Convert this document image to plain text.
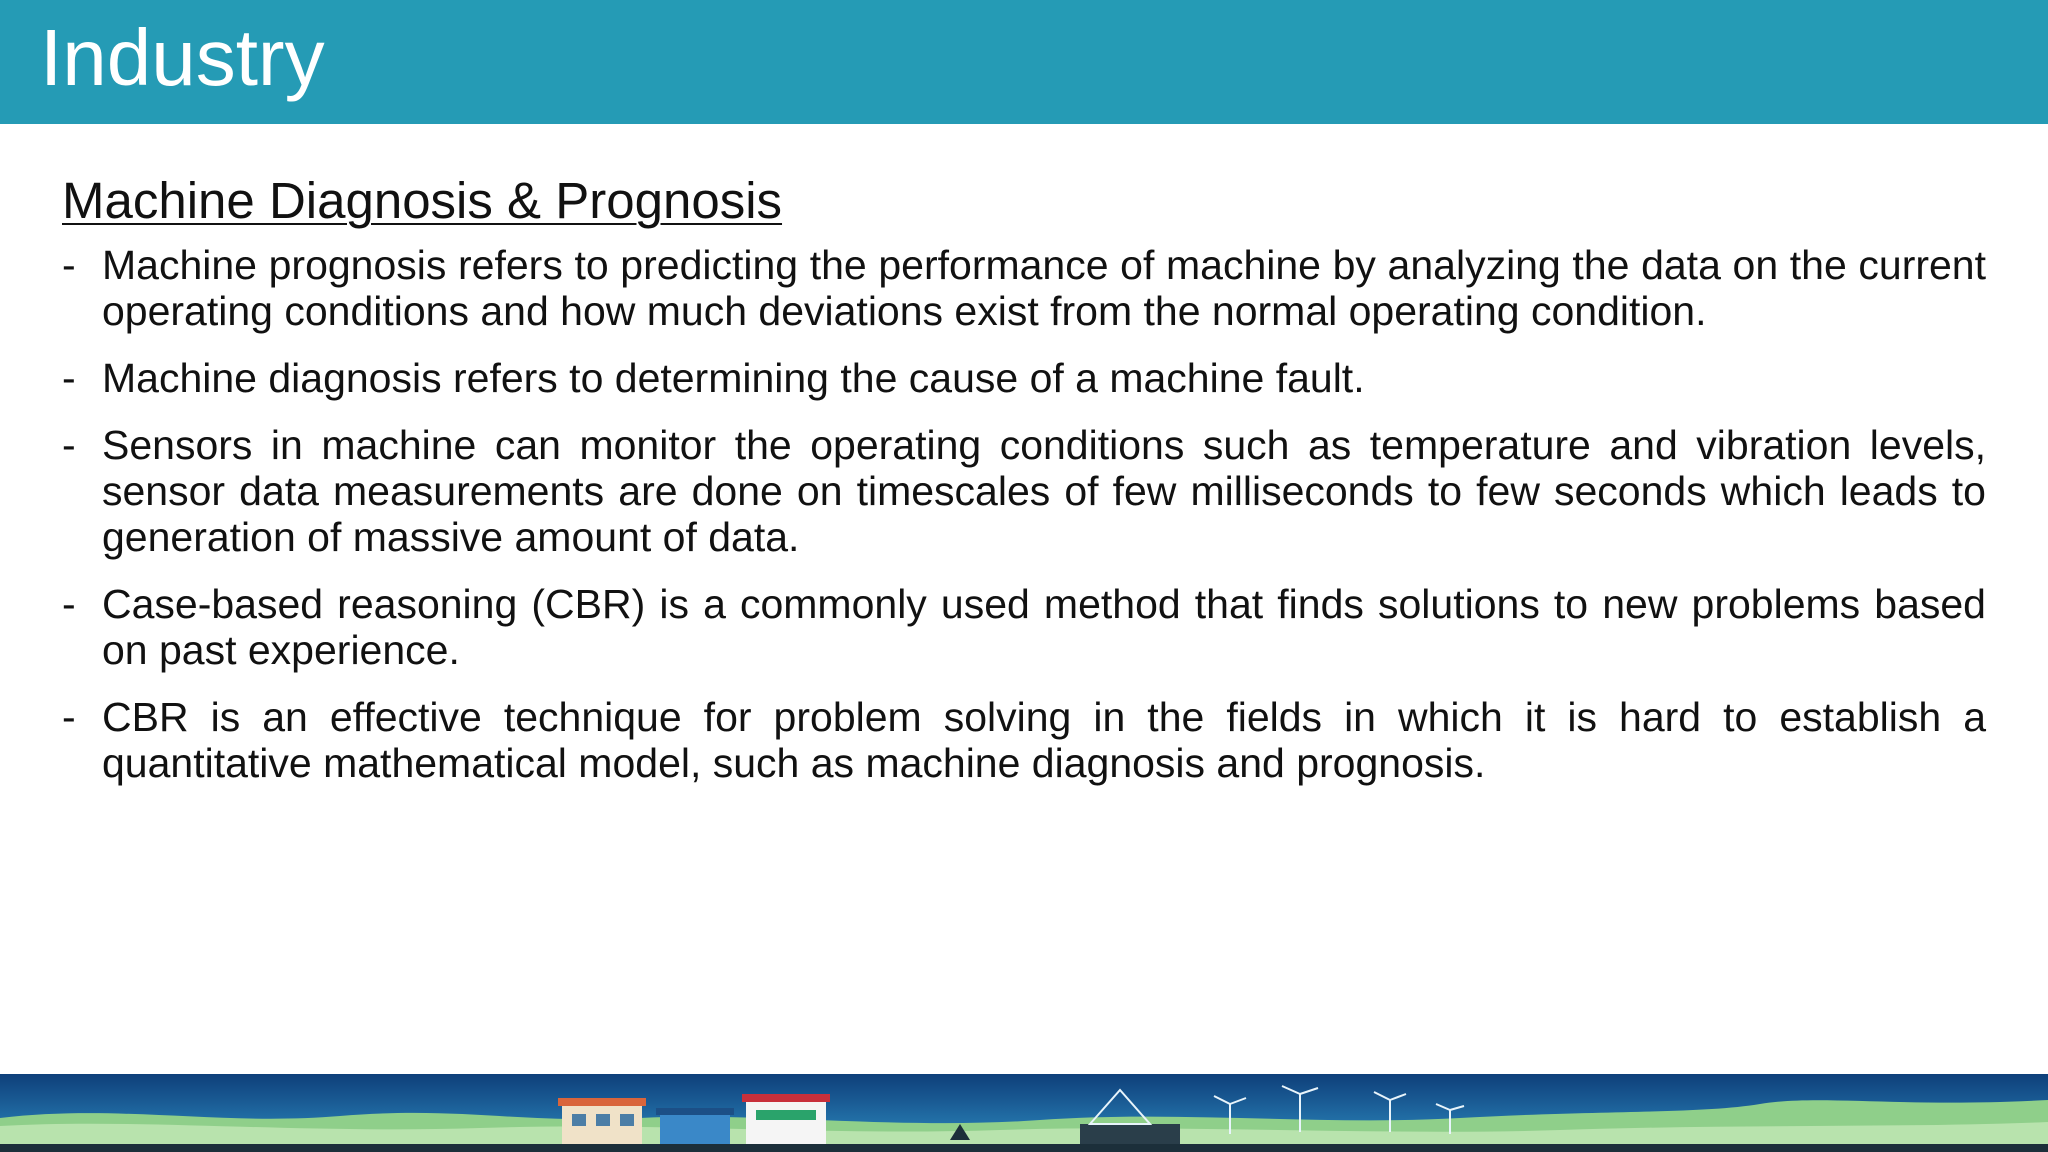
Industry
Machine Diagnosis & Prognosis
- Machine prognosis refers to predicting the performance of machine by analyzing the data on the current operating conditions and how much deviations exist from the normal operating condition.
- Machine diagnosis refers to determining the cause of a machine fault.
- Sensors in machine can monitor the operating conditions such as temperature and vibration levels, sensor data measurements are done on timescales of few milliseconds to few seconds which leads to generation of massive amount of data.
- Case-based reasoning (CBR) is a commonly used method that finds solutions to new problems based on past experience.
- CBR is an effective technique for problem solving in the fields in which it is hard to establish a quantitative mathematical model, such as machine diagnosis and prognosis.
